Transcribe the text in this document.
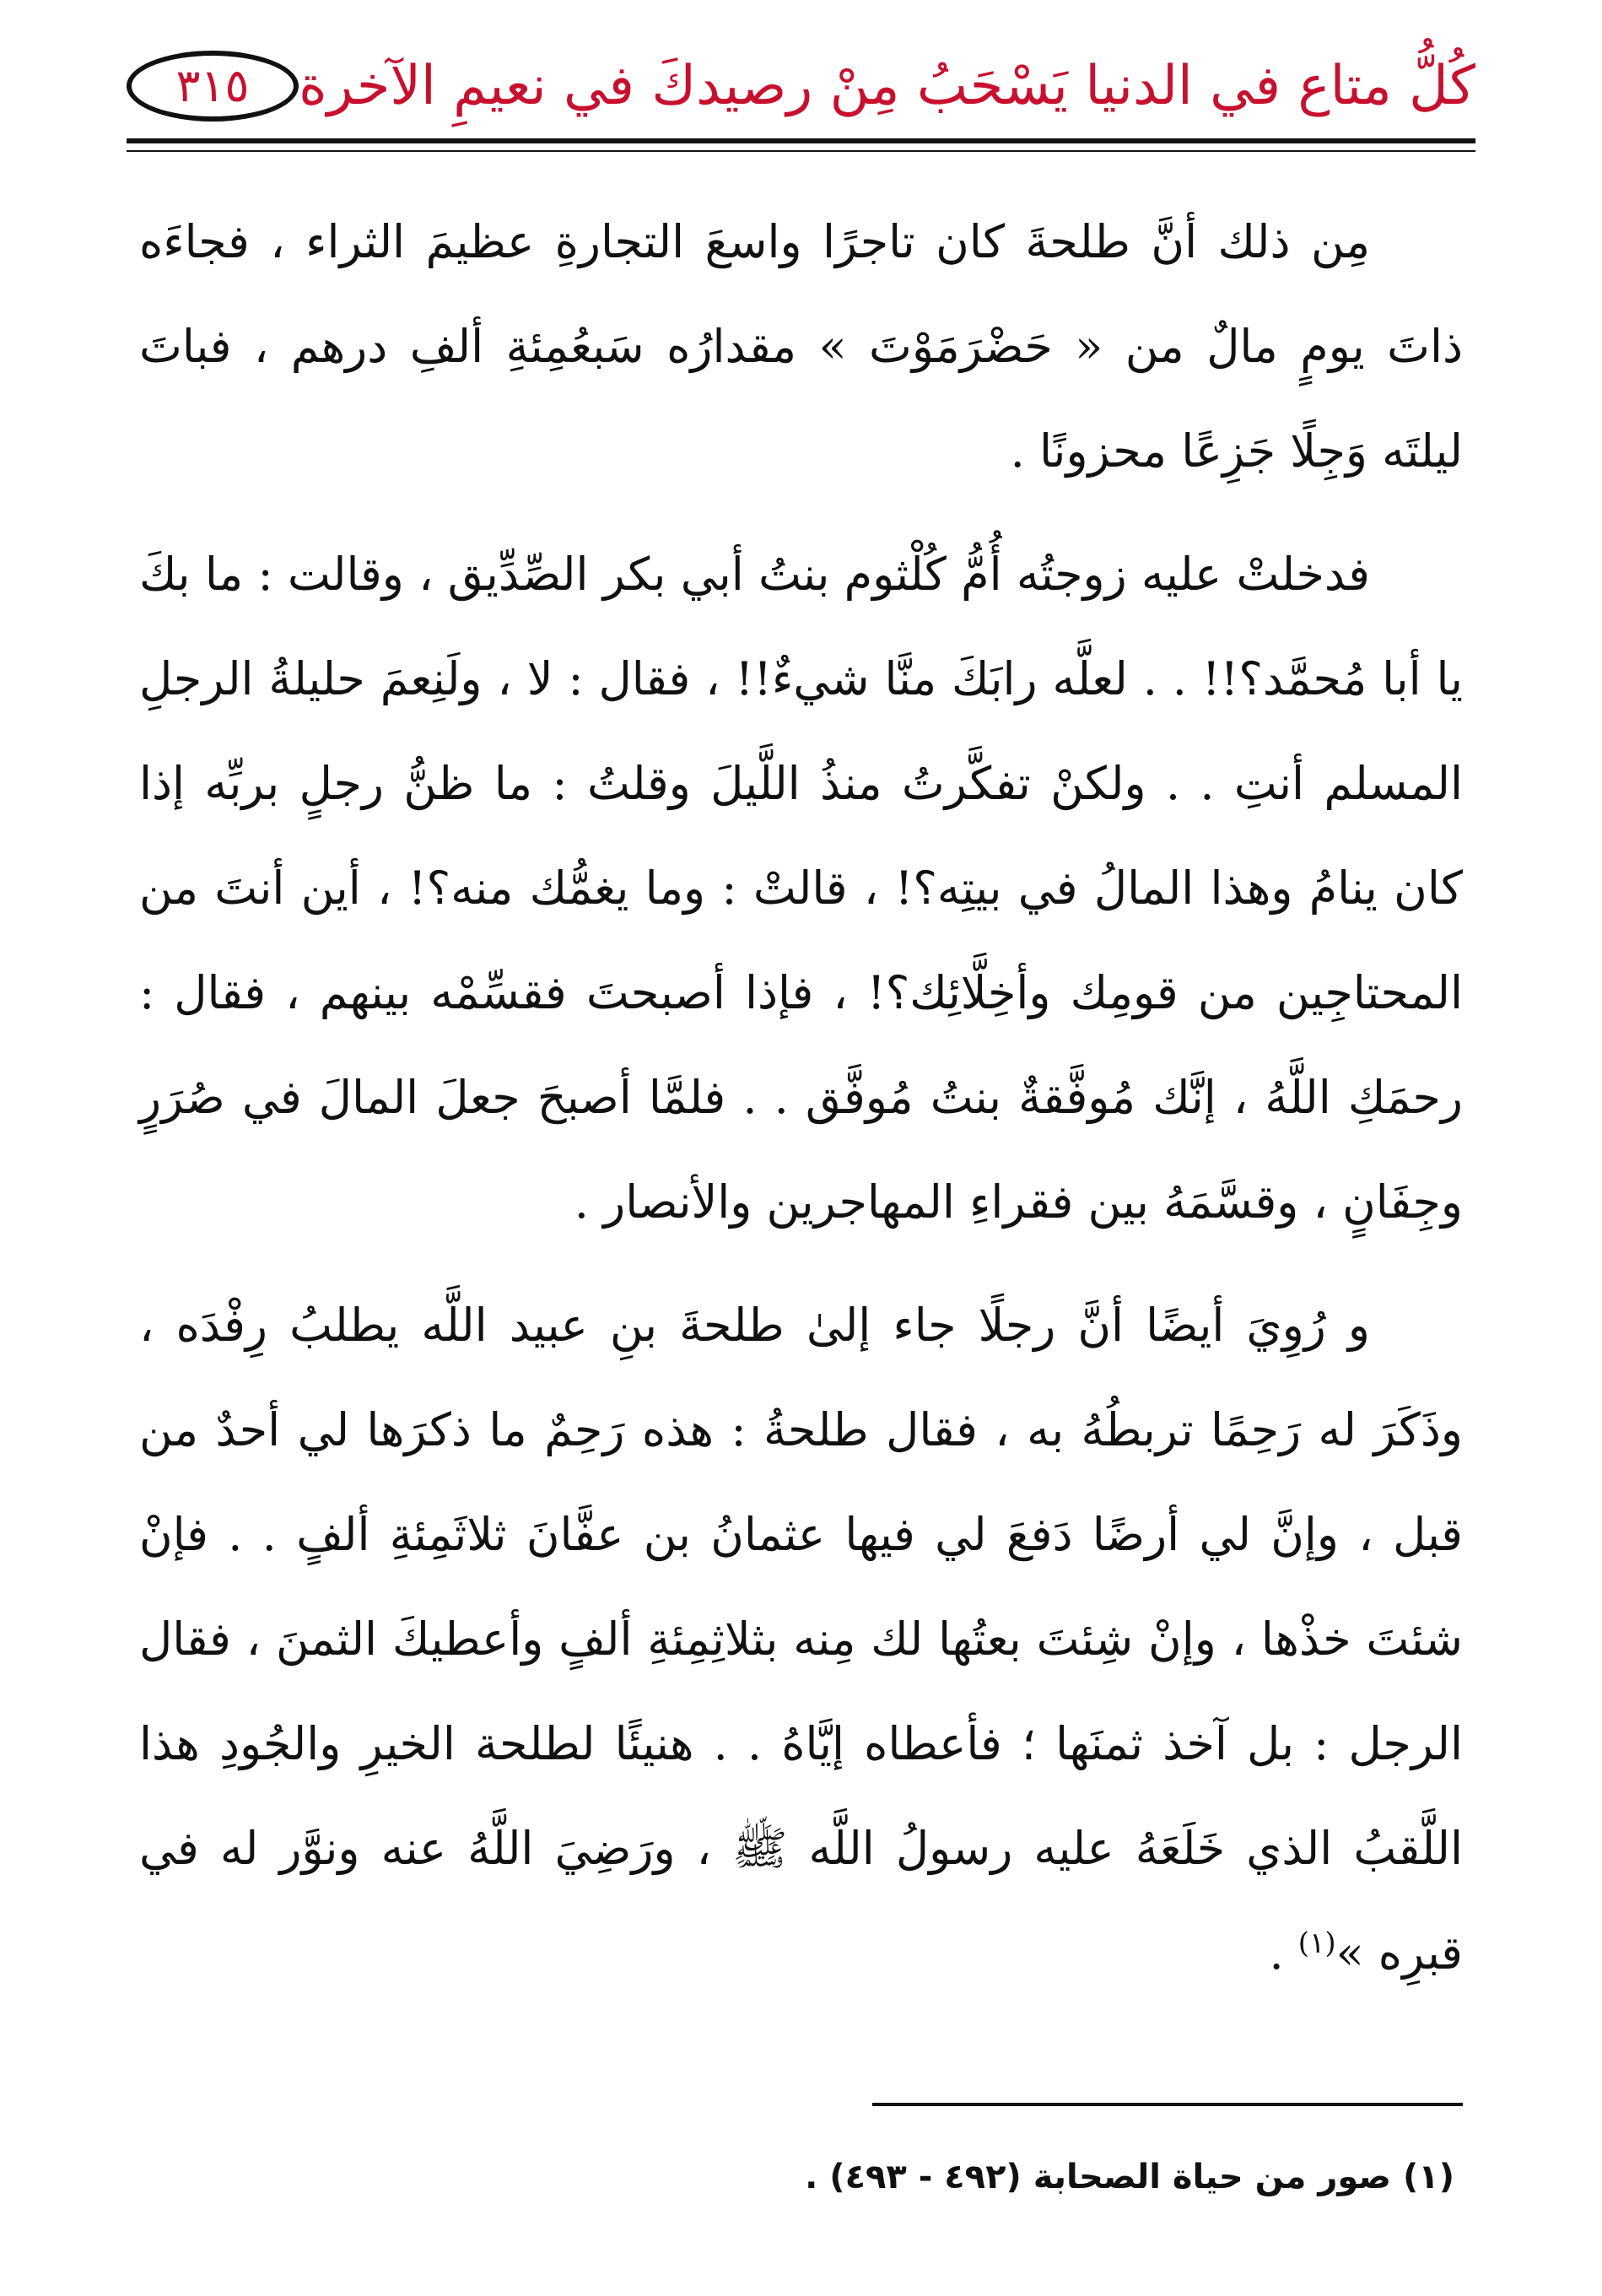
كُلُّ متاع في الدنيا يَسْحَبُ مِنْ رصيدكَ في نعيمِ الآخرة
٣١٥

مِن ذلك أنَّ طلحةَ كان تاجرًا واسعَ التجارةِ عظيمَ الثراء ، فجاءَه ذاتَ يومٍ مالٌ من « حَضْرَمَوْتَ » مقدارُه سَبعُمِئةِ ألفِ درهم ، فباتَ ليلتَه وَجِلًا جَزِعًا محزونًا .

فدخلتْ عليه زوجتُه أُمُّ كُلْثوم بنتُ أبي بكر الصِّدِّيق ، وقالت : ما بكَ يا أبا مُحمَّد؟!! . . لعلَّه رابَكَ منَّا شيءٌ!! ، فقال : لا ، ولَنِعمَ حليلةُ الرجلِ المسلم أنتِ . . ولكنْ تفكَّرتُ منذُ اللَّيلَ وقلتُ : ما ظنُّ رجلٍ بربِّه إذا كان ينامُ وهذا المالُ في بيتِه؟! ، قالتْ : وما يغمُّك منه؟! ، أين أنتَ من المحتاجِين من قومِك وأخِلَّائِك؟! ، فإذا أصبحتَ فقسِّمْه بينهم ، فقال : رحمَكِ اللَّهُ ، إنَّك مُوفَّقةٌ بنتُ مُوفَّق . . فلمَّا أصبحَ جعلَ المالَ في صُرَرٍ وجِفَانٍ ، وقسَّمَهُ بين فقراءِ المهاجرين والأنصار .

و رُوِيَ أيضًا أنَّ رجلًا جاء إلىٰ طلحةَ بنِ عبيد اللَّه يطلبُ رِفْدَه ، وذَكَرَ له رَحِمًا تربطُهُ به ، فقال طلحةُ : هذه رَحِمٌ ما ذكرَها لي أحدٌ من قبل ، وإنَّ لي أرضًا دَفعَ لي فيها عثمانُ بن عفَّانَ ثلاثَمِئةِ ألفٍ . . فإنْ شئتَ خذْها ، وإنْ شِئتَ بعتُها لك مِنه بثلاثِمِئةِ ألفٍ وأعطيكَ الثمنَ ، فقال الرجل : بل آخذ ثمنَها ؛ فأعطاه إيَّاهُ . . هنيئًا لطلحة الخيرِ والجُودِ هذا اللَّقبُ الذي خَلَعَهُ عليه رسولُ اللَّه ﷺ ، ورَضِيَ اللَّهُ عنه ونوَّر له في قبرِه »$^{(١)}$ .

(١) صور من حياة الصحابة (٤٩٢ - ٤٩٣) .
